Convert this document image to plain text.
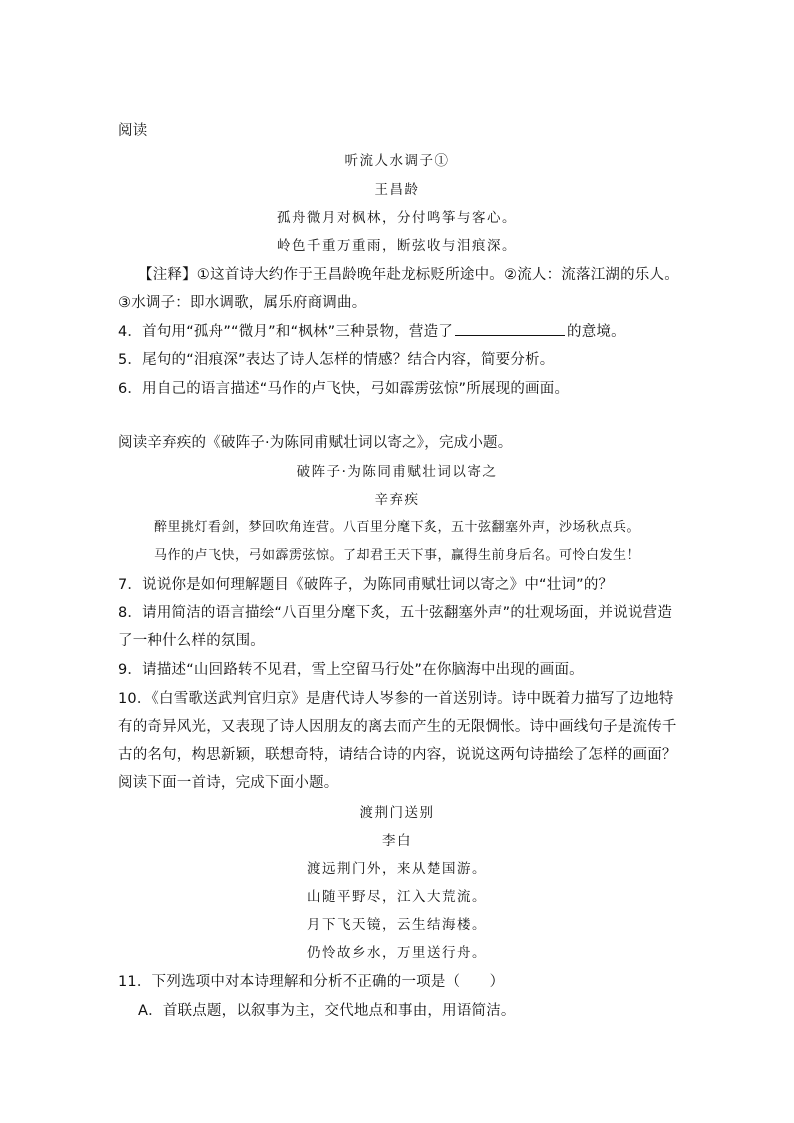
阅读
听流人水调子①
王昌龄
孤舟微月对枫林，分付鸣筝与客心。
岭色千重万重雨，断弦收与泪痕深。
【注释】①这首诗大约作于王昌龄晚年赴龙标贬所途中。②流人：流落江湖的乐人。
③水调子：即水调歌，属乐府商调曲。
4．首句用“孤舟”“微月”和“枫林”三种景物，营造了	的意境。
5．尾句的“泪痕深”表达了诗人怎样的情感？结合内容，简要分析。
6．用自己的语言描述“马作的卢飞快，弓如霹雳弦惊”所展现的画面。
阅读辛弃疾的《破阵子·为陈同甫赋壮词以寄之》，完成小题。
破阵子·为陈同甫赋壮词以寄之
辛弃疾
醉里挑灯看剑，梦回吹角连营。八百里分麾下炙，五十弦翻塞外声，沙场秋点兵。
马作的卢飞快，弓如霹雳弦惊。了却君王天下事，赢得生前身后名。可怜白发生！
7．说说你是如何理解题目《破阵子，为陈同甫赋壮词以寄之》中“壮词”的？
8．请用简洁的语言描绘“八百里分麾下炙，五十弦翻塞外声”的壮观场面，并说说营造
了一种什么样的氛围。
9．请描述“山回路转不见君，雪上空留马行处”在你脑海中出现的画面。
10．《白雪歌送武判官归京》是唐代诗人岑参的一首送别诗。诗中既着力描写了边地特
有的奇异风光，又表现了诗人因朋友的离去而产生的无限惆怅。诗中画线句子是流传千
古的名句，构思新颖，联想奇特，请结合诗的内容，说说这两句诗描绘了怎样的画面？
阅读下面一首诗，完成下面小题。
渡荆门送别
李白
渡远荆门外，来从楚国游。
山随平野尽，江入大荒流。
月下飞天镜，云生结海楼。
仍怜故乡水，万里送行舟。
11．下列选项中对本诗理解和分析不正确的一项是（　　）
A．首联点题，以叙事为主，交代地点和事由，用语简洁。
